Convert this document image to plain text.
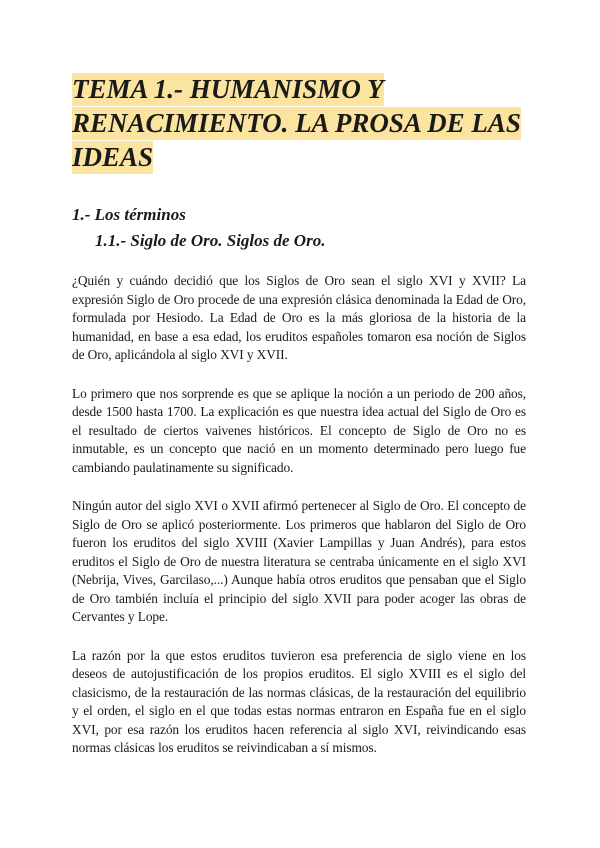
TEMA 1.- HUMANISMO Y RENACIMIENTO. LA PROSA DE LAS IDEAS
1.- Los términos
1.1.- Siglo de Oro. Siglos de Oro.

¿Quién y cuándo decidió que los Siglos de Oro sean el siglo XVI y XVII? La expresión Siglo de Oro procede de una expresión clásica denominada la Edad de Oro, formulada por Hesiodo. La Edad de Oro es la más gloriosa de la historia de la humanidad, en base a esa edad, los eruditos españoles tomaron esa noción de Siglos de Oro, aplicándola al siglo XVI y XVII.

Lo primero que nos sorprende es que se aplique la noción a un periodo de 200 años, desde 1500 hasta 1700. La explicación es que nuestra idea actual del Siglo de Oro es el resultado de ciertos vaivenes históricos. El concepto de Siglo de Oro no es inmutable, es un concepto que nació en un momento determinado pero luego fue cambiando paulatinamente su significado.

Ningún autor del siglo XVI o XVII afirmó pertenecer al Siglo de Oro. El concepto de Siglo de Oro se aplicó posteriormente. Los primeros que hablaron del Siglo de Oro fueron los eruditos del siglo XVIII (Xavier Lampillas y Juan Andrés), para estos eruditos el Siglo de Oro de nuestra literatura se centraba únicamente en el siglo XVI (Nebrija, Vives, Garcilaso,...) Aunque había otros eruditos que pensaban que el Siglo de Oro también incluía el principio del siglo XVII para poder acoger las obras de Cervantes y Lope.

La razón por la que estos eruditos tuvieron esa preferencia de siglo viene en los deseos de autojustificación de los propios eruditos. El siglo XVIII es el siglo del clasicismo, de la restauración de las normas clásicas, de la restauración del equilibrio y el orden, el siglo en el que todas estas normas entraron en España fue en el siglo XVI, por esa razón los eruditos hacen referencia al siglo XVI, reivindicando esas normas clásicas los eruditos se reivindicaban a sí mismos.
